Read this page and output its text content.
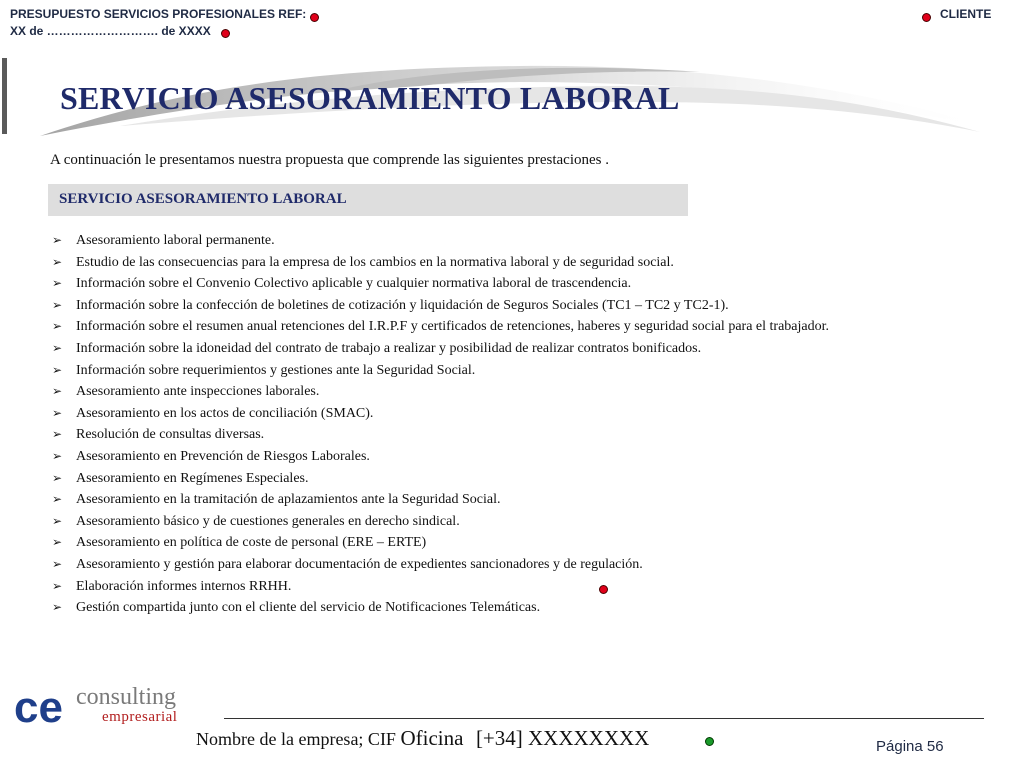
PRESUPUESTO SERVICIOS PROFESIONALES REF:
XX de ………………………. de XXXX
CLIENTE
SERVICIO ASESORAMIENTO LABORAL
A continuación le presentamos nuestra propuesta que comprende las siguientes prestaciones .
SERVICIO ASESORAMIENTO LABORAL
➢ Asesoramiento laboral permanente.
➢ Estudio de las consecuencias para la empresa de los cambios en la normativa laboral y de seguridad social.
➢ Información sobre el Convenio Colectivo aplicable y cualquier normativa laboral de trascendencia.
➢ Información sobre la confección de boletines de cotización y liquidación de Seguros Sociales (TC1 – TC2 y TC2-1).
➢ Información sobre el resumen anual retenciones del I.R.P.F y certificados de retenciones, haberes y seguridad social para el trabajador.
➢ Información sobre la idoneidad del contrato de trabajo a realizar y posibilidad de realizar contratos bonificados.
➢ Información sobre requerimientos y gestiones ante la Seguridad Social.
➢ Asesoramiento ante inspecciones laborales.
➢ Asesoramiento en los actos de conciliación (SMAC).
➢ Resolución de consultas diversas.
➢ Asesoramiento en Prevención de Riesgos Laborales.
➢ Asesoramiento en Regímenes Especiales.
➢ Asesoramiento en la tramitación de aplazamientos ante la Seguridad Social.
➢ Asesoramiento básico y de cuestiones generales en derecho sindical.
➢ Asesoramiento en política de coste de personal (ERE – ERTE)
➢ Asesoramiento y gestión para elaborar documentación de expedientes sancionadores y de regulación.
➢ Elaboración informes internos RRHH.
➢ Gestión compartida junto con el cliente del servicio de Notificaciones Telemáticas.
ce consulting
empresarial
Nombre de la empresa; CIF Oficina [+34] XXXXXXXX	Página 56
